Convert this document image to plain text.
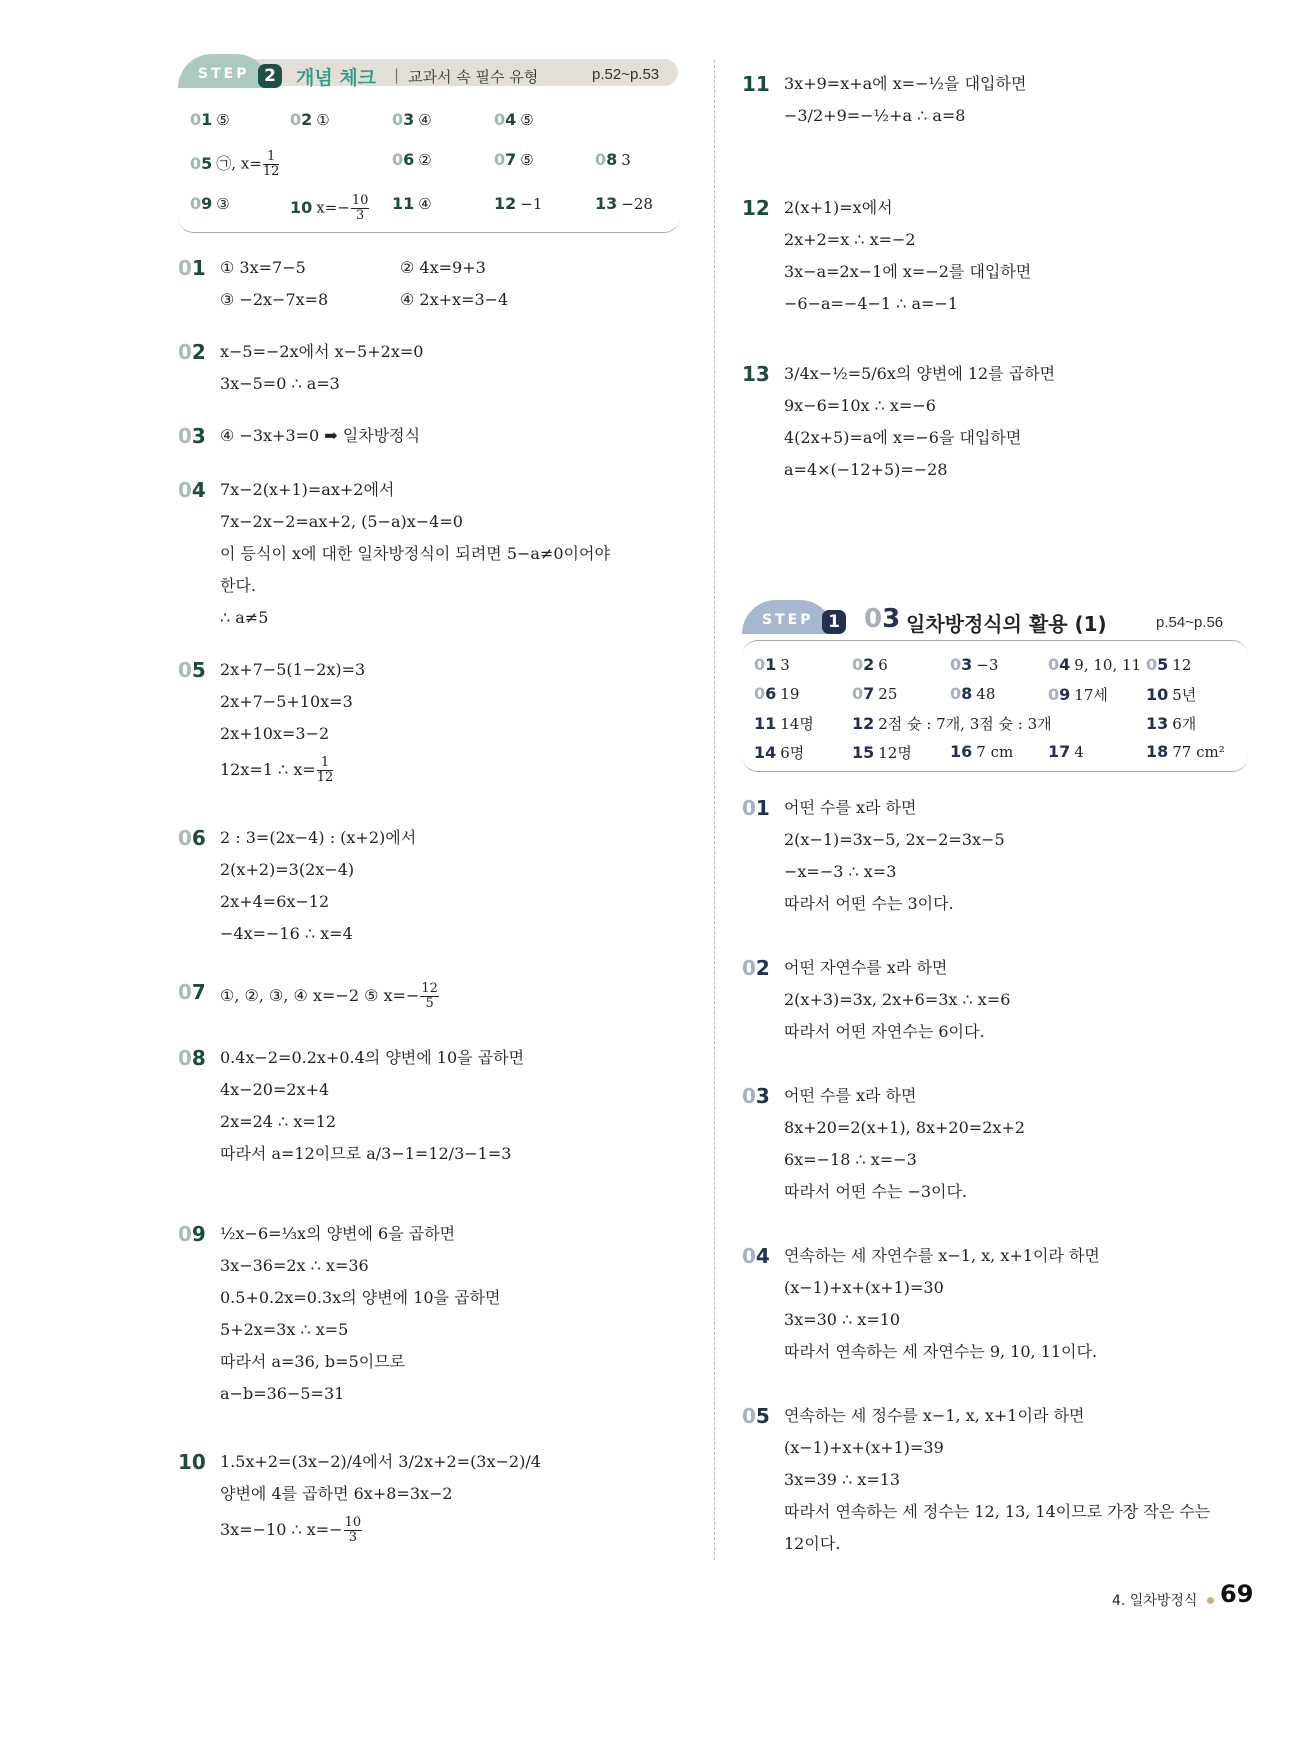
STEP 2	개념 체크 | 교과서 속 필수 유형	p.52~p.53
01 ⑤	02 ①	03 ④	04 ⑤
05 ㉠, $x= \frac{1}{12}$	06 ②	07 ⑤	08 3
09 ③	10 $x=- \frac{10}{3} 11$ ④	12 −1	13 −28
01 ① 3x=7−5
③ −2x−7x=8
② 4x=9+3
④ 2x+x=3−4
02 x−5=−2x에서 x−5+2x=0
3x−5=0 ∴ a=3
03 ④ −3x+3=0 ➡ 일차방정식
04 7x−2(x+1)=ax+2에서
7x−2x−2=ax+2, (5−a)x−4=0
이 등식이 x에 대한 일차방정식이 되려면 5−a≠0이어야
한다.
∴ a≠5
05 2x+7−5(1−2x)=3
2x+7−5+10x=3
2x+10x=3−2
12x=1 ∴ $x= \frac{1}{12}$
06 2 : 3=(2x−4) : (x+2)에서
2(x+2)=3(2x−4)
2x+4=6x−12
−4x=−16 ∴ x=4
07 ①, ②, ③, ④ x=−2 ⑤ $x=- \frac{12}{5}$
08 0.4x−2=0.2x+0.4의 양변에 10을 곱하면
4x−20=2x+4
2x=24 ∴ x=12
따라서 a=12이므로 a/3−1=12/3−1=3
09 ½x−6=⅓x의 양변에 6을 곱하면
3x−36=2x ∴ x=36
0.5+0.2x=0.3x의 양변에 10을 곱하면
5+2x=3x ∴ x=5
따라서 a=36, b=5이므로
a−b=36−5=31
10 1.5x+2=(3x−2)/4에서 3/2x+2=(3x−2)/4
양변에 4를 곱하면 6x+8=3x−2
3x=−10 ∴ $x=- \frac{10}{3}$
11 3x+9=x+a에 x=−½을 대입하면
−3/2+9=−½+a ∴ a=8
12 2(x+1)=x에서
2x+2=x ∴ x=−2
3x−a=2x−1에 x=−2를 대입하면
−6−a=−4−1 ∴ a=−1
13 3/4x−½=5/6x의 양변에 12를 곱하면
9x−6=10x ∴ x=−6
4(2x+5)=a에 x=−6을 대입하면
a=4×(−12+5)=−28
STEP 1 03 일차방정식의 활용 (1)	p.54~p.56
01 3	02 6	03 −3	04 9, 10, 11 05 12
06 19	07 25	08 48	09 17세 10 5년
11 14명 12 2점 슛 : 7개, 3점 슛 : 3개	13 6개
14 6명	15 12명 16 7 cm 17 4	18 77 cm²
01 어떤 수를 x라 하면
2(x−1)=3x−5, 2x−2=3x−5
−x=−3 ∴ x=3
따라서 어떤 수는 3이다.
02 어떤 자연수를 x라 하면
2(x+3)=3x, 2x+6=3x ∴ x=6
따라서 어떤 자연수는 6이다.
03 어떤 수를 x라 하면
8x+20=2(x+1), 8x+20=2x+2
6x=−18 ∴ x=−3
따라서 어떤 수는 −3이다.
04 연속하는 세 자연수를 x−1, x, x+1이라 하면
(x−1)+x+(x+1)=30
3x=30 ∴ x=10
따라서 연속하는 세 자연수는 9, 10, 11이다.
05 연속하는 세 정수를 x−1, x, x+1이라 하면
(x−1)+x+(x+1)=39
3x=39 ∴ x=13
따라서 연속하는 세 정수는 12, 13, 14이므로 가장 작은 수는
12이다.
4. 일차방정식 69
